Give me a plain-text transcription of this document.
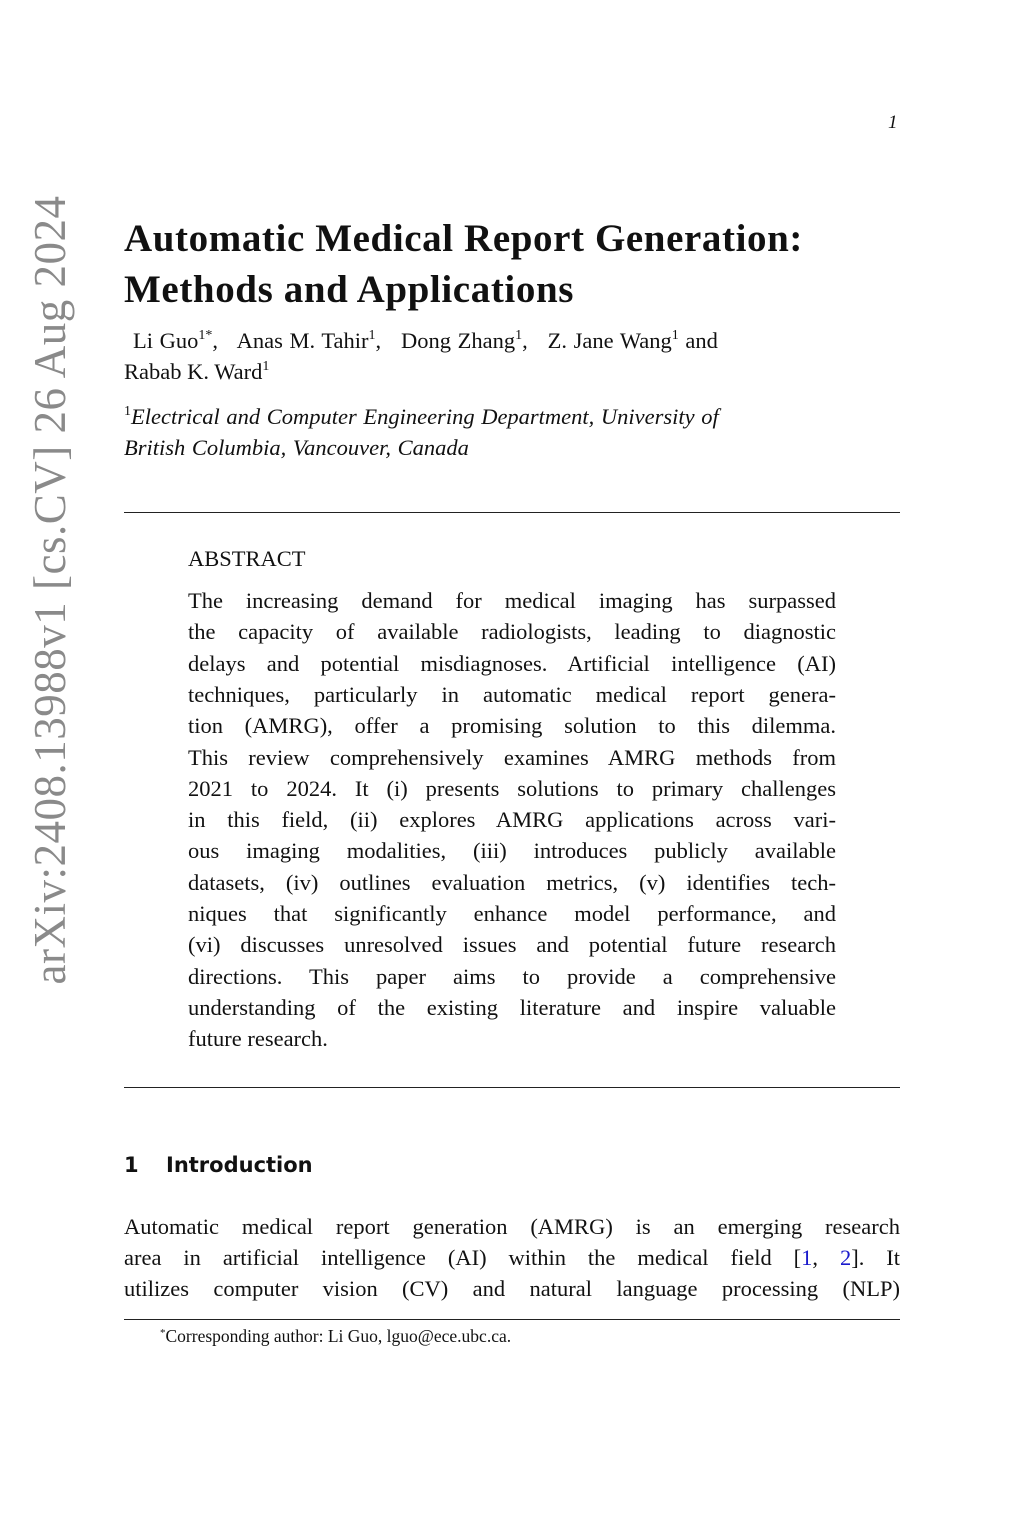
arXiv:2408.13988v1 [cs.CV] 26 Aug 2024
1
Automatic Medical Report Generation:
Methods and Applications
Li Guo$^{1*}$,   Anas M. Tahir$^1$,   Dong Zhang$^1$,   Z. Jane Wang$^1$ and
Rabab K. Ward$^1$
$^1$Electrical and Computer Engineering Department, University of
British Columbia, Vancouver, Canada
ABSTRACT
The increasing demand for medical imaging has surpassed
the capacity of available radiologists, leading to diagnostic
delays and potential misdiagnoses. Artificial intelligence (AI)
techniques, particularly in automatic medical report genera-
tion (AMRG), offer a promising solution to this dilemma.
This review comprehensively examines AMRG methods from
2021 to 2024. It (i) presents solutions to primary challenges
in this field, (ii) explores AMRG applications across vari-
ous imaging modalities, (iii) introduces publicly available
datasets, (iv) outlines evaluation metrics, (v) identifies tech-
niques that significantly enhance model performance, and
(vi) discusses unresolved issues and potential future research
directions. This paper aims to provide a comprehensive
understanding of the existing literature and inspire valuable
future research.
1 Introduction
Automatic medical report generation (AMRG) is an emerging research
area in artificial intelligence (AI) within the medical field [1, 2]. It
utilizes computer vision (CV) and natural language processing (NLP)
*Corresponding author: Li Guo, lguo@ece.ubc.ca.
